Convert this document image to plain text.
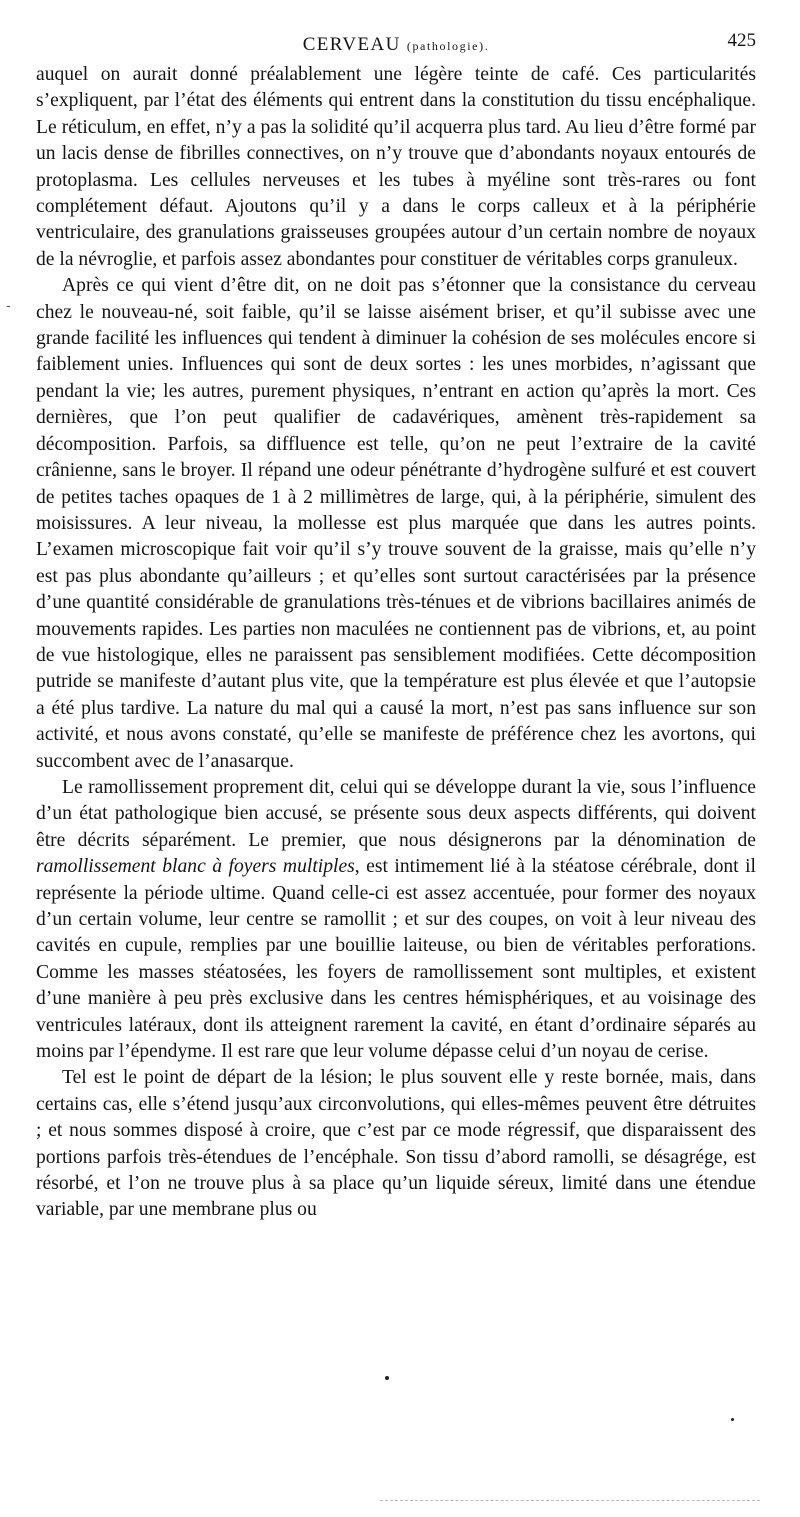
CERVEAU (pathologie).	425

auquel on aurait donné préalablement une légère teinte de café. Ces particularités s’expliquent, par l’état des éléments qui entrent dans la constitution du tissu encéphalique. Le réticulum, en effet, n’y a pas la solidité qu’il acquerra plus tard. Au lieu d’être formé par un lacis dense de fibrilles connectives, on n’y trouve que d’abondants noyaux entourés de protoplasma. Les cellules nerveuses et les tubes à myéline sont très-rares ou font complétement défaut. Ajoutons qu’il y a dans le corps calleux et à la périphérie ventriculaire, des granulations graisseuses groupées autour d’un certain nombre de noyaux de la névroglie, et parfois assez abondantes pour constituer de véritables corps granuleux.

Après ce qui vient d’être dit, on ne doit pas s’étonner que la consistance du cerveau chez le nouveau-né, soit faible, qu’il se laisse aisément briser, et qu’il subisse avec une grande facilité les influences qui tendent à diminuer la cohésion de ses molécules encore si faiblement unies. Influences qui sont de deux sortes : les unes morbides, n’agissant que pendant la vie; les autres, purement physiques, n’entrant en action qu’après la mort. Ces dernières, que l’on peut qualifier de cadavériques, amènent très-rapidement sa décomposition. Parfois, sa diffluence est telle, qu’on ne peut l’extraire de la cavité crânienne, sans le broyer. Il répand une odeur pénétrante d’hydrogène sulfuré et est couvert de petites taches opaques de 1 à 2 millimètres de large, qui, à la périphérie, simulent des moisissures. A leur niveau, la mollesse est plus marquée que dans les autres points. L’examen microscopique fait voir qu’il s’y trouve souvent de la graisse, mais qu’elle n’y est pas plus abondante qu’ailleurs ; et qu’elles sont surtout caractérisées par la présence d’une quantité considérable de granulations très-ténues et de vibrions bacillaires animés de mouvements rapides. Les parties non maculées ne contiennent pas de vibrions, et, au point de vue histologique, elles ne paraissent pas sensiblement modifiées. Cette décomposition putride se manifeste d’autant plus vite, que la température est plus élevée et que l’autopsie a été plus tardive. La nature du mal qui a causé la mort, n’est pas sans influence sur son activité, et nous avons constaté, qu’elle se manifeste de préférence chez les avortons, qui succombent avec de l’anasarque.

Le ramollissement proprement dit, celui qui se développe durant la vie, sous l’influence d’un état pathologique bien accusé, se présente sous deux aspects différents, qui doivent être décrits séparément. Le premier, que nous désignerons par la dénomination de ramollissement blanc à foyers multiples, est intimement lié à la stéatose cérébrale, dont il représente la période ultime. Quand celle-ci est assez accentuée, pour former des noyaux d’un certain volume, leur centre se ramollit ; et sur des coupes, on voit à leur niveau des cavités en cupule, remplies par une bouillie laiteuse, ou bien de véritables perforations. Comme les masses stéatosées, les foyers de ramollissement sont multiples, et existent d’une manière à peu près exclusive dans les centres hémisphériques, et au voisinage des ventricules latéraux, dont ils atteignent rarement la cavité, en étant d’ordinaire séparés au moins par l’épendyme. Il est rare que leur volume dépasse celui d’un noyau de cerise.

Tel est le point de départ de la lésion; le plus souvent elle y reste bornée, mais, dans certains cas, elle s’étend jusqu’aux circonvolutions, qui elles-mêmes peuvent être détruites ; et nous sommes disposé à croire, que c’est par ce mode régressif, que disparaissent des portions parfois très-étendues de l’encéphale. Son tissu d’abord ramolli, se désagrége, est résorbé, et l’on ne trouve plus à sa place qu’un liquide séreux, limité dans une étendue variable, par une membrane plus ou

-
